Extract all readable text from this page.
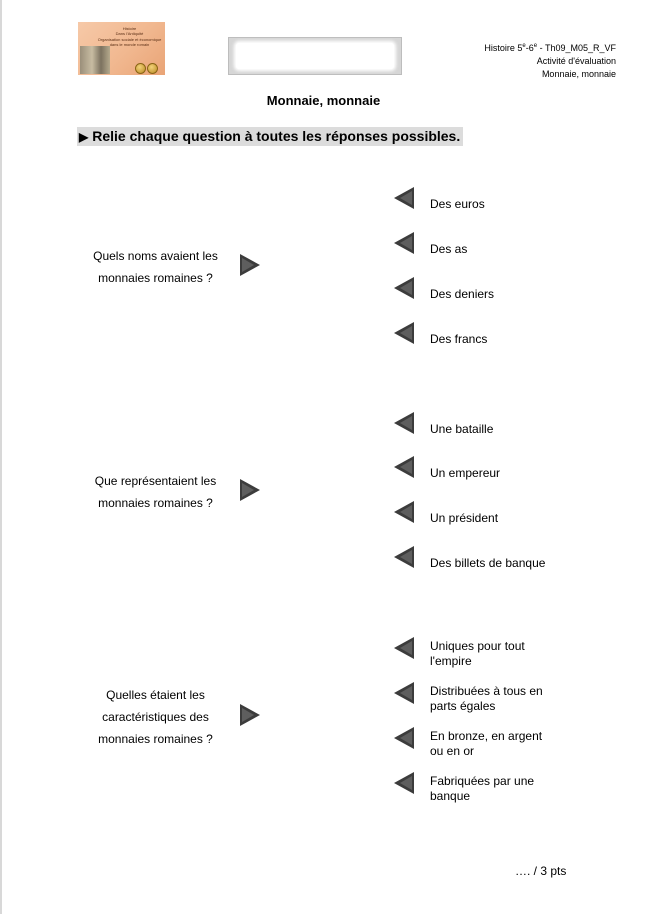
Histoire
Dans l'Antiquité
Organisation sociale et économique
dans le monde romain	Histoire 5e-6e - Th09_M05_R_VF
Activité d'évaluation
Monnaie, monnaie
Monnaie, monnaie
▶ Relie chaque question à toutes les réponses possibles.
Quels noms avaient les
monnaies romaines ?
Des euros
Des as
Des deniers
Des francs
Que représentaient les
monnaies romaines ?
Une bataille
Un empereur
Un président
Des billets de banque
Quelles étaient les
caractéristiques des
monnaies romaines ?
Uniques pour tout
l'empire
Distribuées à tous en
parts égales
En bronze, en argent
ou en or
Fabriquées par une
banque
…. / 3 pts
